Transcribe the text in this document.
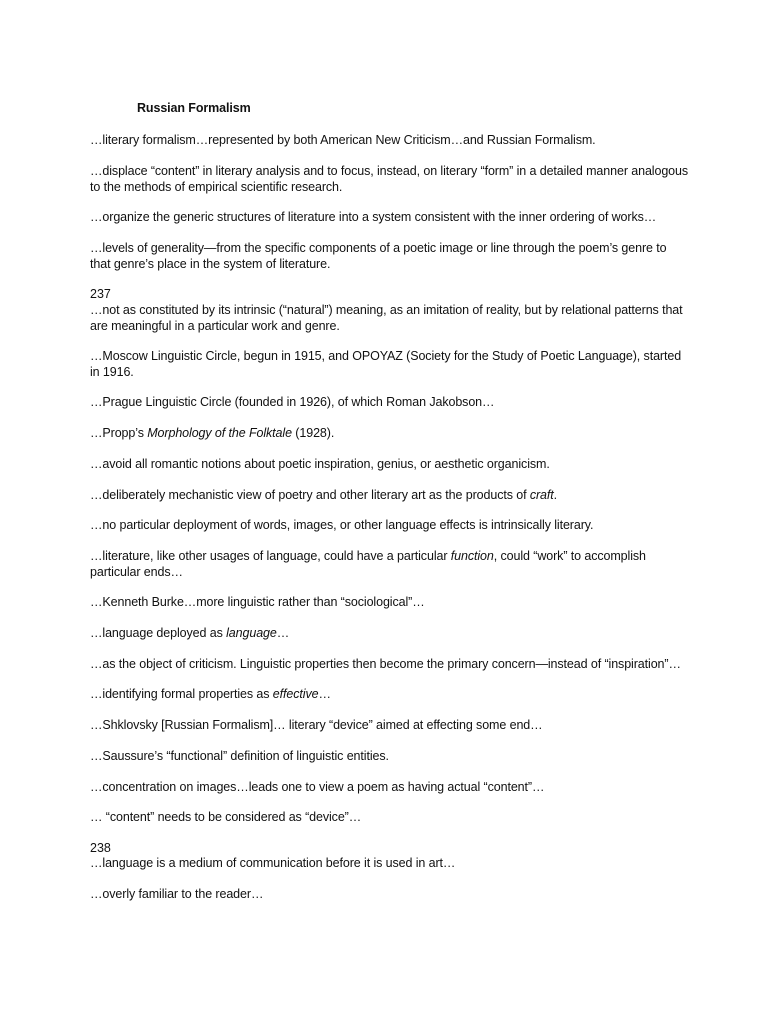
Russian Formalism

…literary formalism…represented by both American New Criticism…and Russian Formalism.

…displace “content” in literary analysis and to focus, instead, on literary “form” in a detailed manner analogous to the methods of empirical scientific research.

…organize the generic structures of literature into a system consistent with the inner ordering of works…

…levels of generality—from the specific components of a poetic image or line through the poem’s genre to that genre’s place in the system of literature.

237

…not as constituted by its intrinsic (“natural”) meaning, as an imitation of reality, but by relational patterns that are meaningful in a particular work and genre.

…Moscow Linguistic Circle, begun in 1915, and OPOYAZ (Society for the Study of Poetic Language), started in 1916.

…Prague Linguistic Circle (founded in 1926), of which Roman Jakobson…

…Propp’s Morphology of the Folktale (1928).

…avoid all romantic notions about poetic inspiration, genius, or aesthetic organicism.

…deliberately mechanistic view of poetry and other literary art as the products of craft.

…no particular deployment of words, images, or other language effects is intrinsically literary.

…literature, like other usages of language, could have a particular function, could “work” to accomplish particular ends…

…Kenneth Burke…more linguistic rather than “sociological”…

…language deployed as language…

…as the object of criticism. Linguistic properties then become the primary concern—instead of “inspiration”…

…identifying formal properties as effective…

…Shklovsky [Russian Formalism]… literary “device” aimed at effecting some end…

…Saussure’s “functional” definition of linguistic entities.

…concentration on images…leads one to view a poem as having actual “content”…

… “content” needs to be considered as “device”…

238

…language is a medium of communication before it is used in art…

…overly familiar to the reader…
